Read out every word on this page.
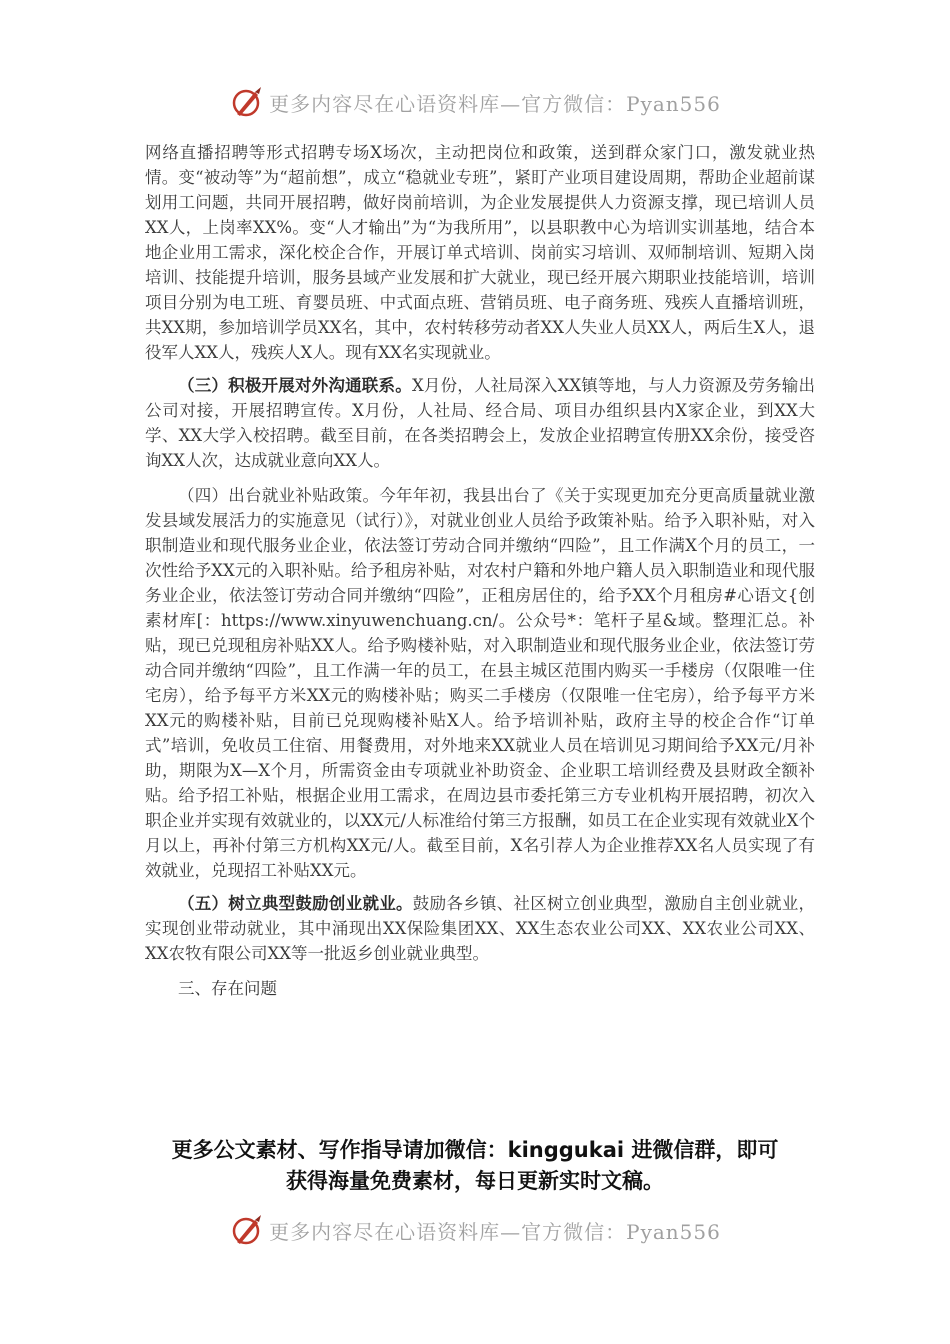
更多内容尽在心语资料库—官方微信：Pyan556

网络直播招聘等形式招聘专场X场次，主动把岗位和政策，送到群众家门口，激发就业热情。变“被动等”为“超前想”，成立“稳就业专班”，紧盯产业项目建设周期，帮助企业超前谋划用工问题，共同开展招聘，做好岗前培训，为企业发展提供人力资源支撑，现已培训人员XX人，上岗率XX%。变“人才输出”为“为我所用”，以县职教中心为培训实训基地，结合本地企业用工需求，深化校企合作，开展订单式培训、岗前实习培训、双师制培训、短期入岗培训、技能提升培训，服务县域产业发展和扩大就业，现已经开展六期职业技能培训，培训项目分别为电工班、育婴员班、中式面点班、营销员班、电子商务班、残疾人直播培训班，共XX期，参加培训学员XX名，其中，农村转移劳动者XX人失业人员XX人，两后生X人，退役军人XX人，残疾人X人。现有XX名实现就业。

（三）积极开展对外沟通联系。X月份，人社局深入XX镇等地，与人力资源及劳务输出公司对接，开展招聘宣传。X月份，人社局、经合局、项目办组织县内X家企业，到XX大学、XX大学入校招聘。截至目前，在各类招聘会上，发放企业招聘宣传册XX余份，接受咨询XX人次，达成就业意向XX人。

（四）出台就业补贴政策。今年年初，我县出台了《关于实现更加充分更高质量就业激发县域发展活力的实施意见（试行）》，对就业创业人员给予政策补贴。给予入职补贴，对入职制造业和现代服务业企业，依法签订劳动合同并缴纳“四险”，且工作满X个月的员工，一次性给予XX元的入职补贴。给予租房补贴，对农村户籍和外地户籍人员入职制造业和现代服务业企业，依法签订劳动合同并缴纳“四险”，正租房居住的，给予XX个月租房#心语文{创素材库[：https://www.xinyuwenchuang.cn/。公众号*：笔杆子星&域。整理汇总。补贴，现已兑现租房补贴XX人。给予购楼补贴，对入职制造业和现代服务业企业，依法签订劳动合同并缴纳“四险”，且工作满一年的员工，在县主城区范围内购买一手楼房（仅限唯一住宅房），给予每平方米XX元的购楼补贴；购买二手楼房（仅限唯一住宅房），给予每平方米XX元的购楼补贴，目前已兑现购楼补贴X人。给予培训补贴，政府主导的校企合作“订单式”培训，免收员工住宿、用餐费用，对外地来XX就业人员在培训见习期间给予XX元/月补助，期限为X—X个月，所需资金由专项就业补助资金、企业职工培训经费及县财政全额补贴。给予招工补贴，根据企业用工需求，在周边县市委托第三方专业机构开展招聘，初次入职企业并实现有效就业的，以XX元/人标准给付第三方报酬，如员工在企业实现有效就业X个月以上，再补付第三方机构XX元/人。截至目前，X名引荐人为企业推荐XX名人员实现了有效就业，兑现招工补贴XX元。

（五）树立典型鼓励创业就业。鼓励各乡镇、社区树立创业典型，激励自主创业就业，实现创业带动就业，其中涌现出XX保险集团XX、XX生态农业公司XX、XX农业公司XX、XX农牧有限公司XX等一批返乡创业就业典型。

三、存在问题

更多公文素材、写作指导请加微信：kinggukai 进微信群，即可
获得海量免费素材，每日更新实时文稿。
更多内容尽在心语资料库—官方微信：Pyan556
